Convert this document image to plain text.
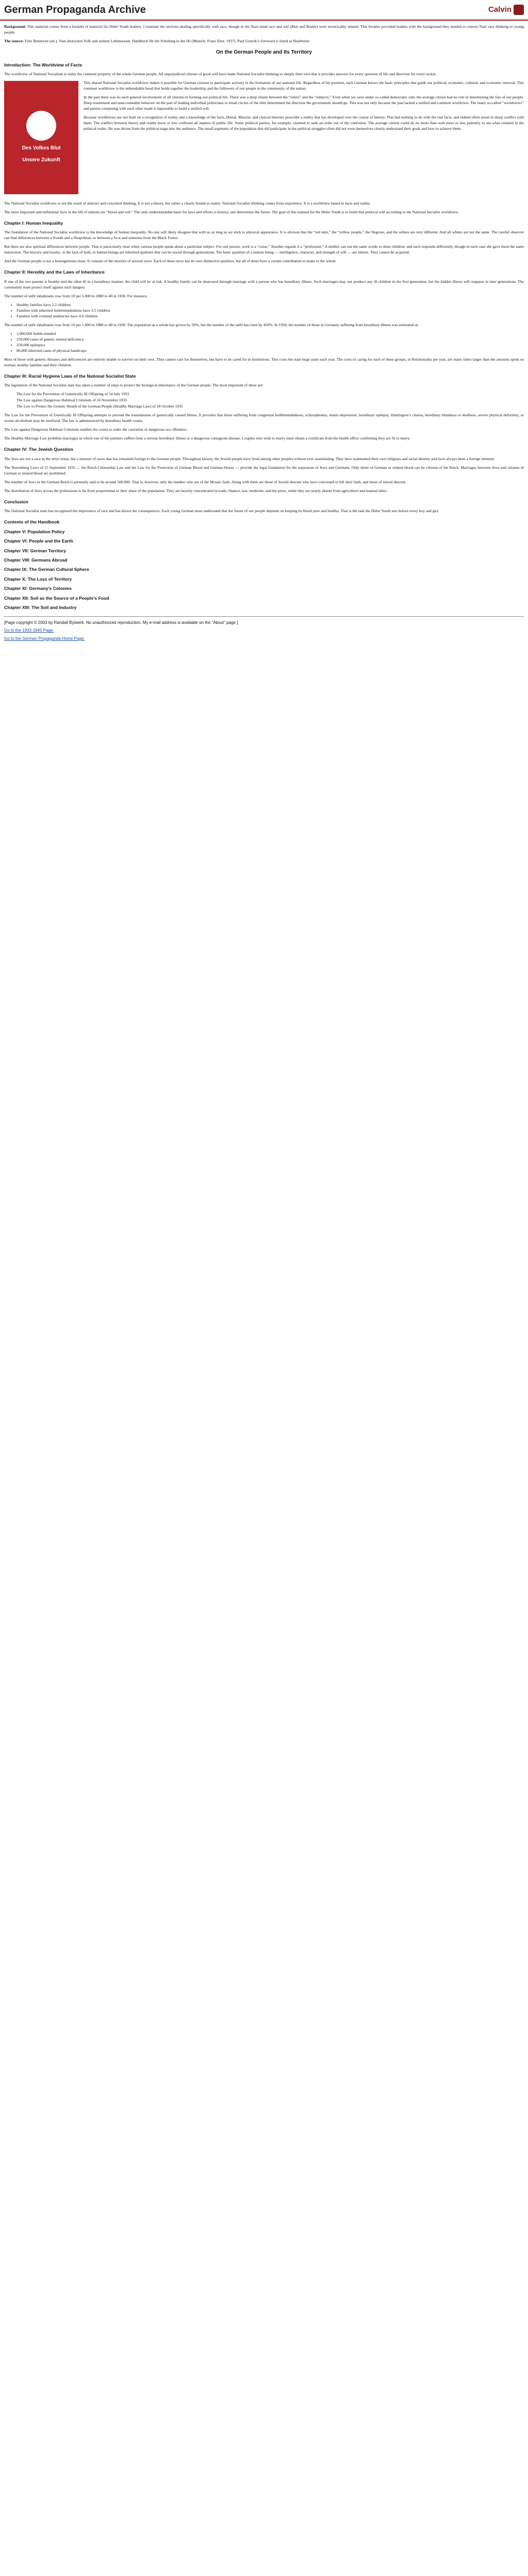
German Propaganda Archive	Calvin

Background: This material comes from a booklet of material for Hitler Youth leaders. I translate the sections dealing specifically with race, though in the Nazi mind race and soil (Blut und Boden) were inextricably related. This booklet provided leaders with the background they needed to convey Nazi race thinking to young people.

The source: Fritz Bennecke (ed.), Vom deutschen Volk und seinem Lebensraum. Handbuch für die Schulung in der HJ (Munich: Franz Eher, 1937). Paul Gratzik’s foreword is listed as Bearbeiter.

On the German People and Its Territory
Introduction: The Worldview of Facts

The worldview of National Socialism is today the common property of the whole German people. All unprejudiced citizens of good will have made National Socialist thinking so deeply their own that it provides answers for every question of life and direction for every action.

Des Volkes Blut
Unsere Zukunft

This shared National Socialist worldview makes it possible for German citizens to participate actively in the formation of our national life. Regardless of his position, each German knows the basic principles that guide our political, economic, cultural, and economic renewal. This common worldview is the unbreakable bond that holds together the leadership and the followers of our people in the community of the nation.

In the past there was no such general involvement of all citizens in forming our political life. There was a deep chasm between the “rulers” and the “subjects.” Even when we were under so-called democratic rule, the average citizen had no role in determining the fate of our people. Deep resentment and unaccountable behavior on the part of leading individual politicians or small circles of the elite determined the direction the government should go. This was not only because the past lacked a unified and common worldview. The many so-called “worldviews” and parties competing with each other made it impossible to build a unified will.

Because worldviews are not built on a recognition of reality and a knowledge of the facts, liberal, Marxist, and clerical theories prescribe a reality that has developed over the course of history. This had nothing to do with the real facts, and indeed often stood in sharp conflict with them. The conflict between theory and reality more or less confused all matters of public life. Some political parties, for example, claimed to seek an order out of the confusion. The average citizen could do no more than wait more or less patiently to see what resulted in the political realm. He was driven from the political stage into the audience. The small segments of the population that did participate in the political struggles often did not even themselves clearly understand their goals and how to achieve them.

The National Socialist worldview is not the result of abstract and conceited thinking. It is not a theory, but rather a clearly bound to reality. National Socialist thinking comes from experience. It is a worldview based in facts and reality.

The most important and influential facts in the life of nations are “blood and soil.” The only understandable basis for laws and efforts is history, one determines the future. The goal of this manual for the Hitler Youth is to build that political will according to the National Socialist worldview.

Chapter I: Human Inequality

The foundation of the National Socialist worldview is the knowledge of human inequality. No one will likely disagree that with us as long as we stick to physical appearance. It is obvious that the “red skin,” the “yellow people,” the Negroes, and the whites are very different. And all whites are not the same. The careful observer can find differences between a Swede and a Neapolitan, or between a Scot and someone from the Black Forest.

But there are also spiritual differences between people. That is particularly clear when various people speak about a particular subject. For one person, work is a “curse.” Another regards it a “profession.” A mother can use the same words to three children, and each responds differently, though in each case she gave them the same instruction. The bravery and loyalty, or the lack of both, in human beings are inherited qualities that can be traced through generations. The basic qualities of a human being — intelligence, character, and strength of will — are inborn. They cannot be acquired.

And the German people is not a homogeneous mass. It consists of the mixture of several races. Each of these races has its own distinctive qualities, but all of them have a certain contribution to make to the whole.

Chapter II: Heredity and the Laws of Inheritance

If one of the two parents is healthy and the other ill in a hereditary manner, the child will be at risk. A healthy family can be destroyed through marriage with a person who has hereditary illness. Such marriages may not produce any ill children in the first generation, but the hidden illness will reappear in later generations. The community must protect itself against such dangers.

The number of unfit inhabitants rose from 10 per 1,000 in 1880 to 40 in 1930. For instance:

• Healthy families have 2.2 children
• Families with inherited feeblemindedness have 3.5 children
• Families with criminal tendencies have 4.9 children

The number of unfit inhabitants rose from 10 per 1,000 in 1880 to 40 in 1930. The population as a whole has grown by 50%, but the number of the unfit has risen by 450%. In 1930, the number of those in Germany suffering from hereditary illness was estimated at:

• 1,000,000 feeble-minded
• 250,000 cases of genetic mental deficiency
• 250,000 epileptics
• 80,000 inherited cases of physical handicaps

Most of those with genetic diseases and deficiencies are entirely unable to survive on their own. They cannot care for themselves, but have to be cared for in institutions. This costs the state huge sums each year. The costs of caring for each of these groups, in Reichsmarks per year, are many times larger than the amounts spent on normal, healthy families and their children.

Chapter III: Racial Hygiene Laws of the National Socialist State

The legislation of the National Socialist state has taken a number of steps to protect the biological inheritance of the German people. The most important of these are:

The Law for the Prevention of Genetically Ill Offspring of 14 July 1933
The Law against Dangerous Habitual Criminals of 24 November 1933
The Law to Protect the Genetic Health of the German People (Healthy Marriage Law) of 18 October 1935

The Law for the Prevention of Genetically Ill Offspring attempts to prevent the transmission of genetically caused illness. It provides that those suffering from congenital feeblemindedness, schizophrenia, manic-depression, hereditary epilepsy, Huntington’s chorea, hereditary blindness or deafness, severe physical deformity, or severe alcoholism may be sterilized. The law is administered by hereditary health courts.

The Law against Dangerous Habitual Criminals enables the courts to order the castration of dangerous sex offenders.

The Healthy Marriage Law prohibits marriages in which one of the partners suffers from a serious hereditary illness or a dangerous contagious disease. Couples who wish to marry must obtain a certificate from the health office confirming they are fit to marry.

Chapter IV: The Jewish Question

The Jews are not a race in the strict sense, but a mixture of races that has remained foreign to the German people. Throughout history, the Jewish people have lived among other peoples without ever assimilating. They have maintained their own religious and racial identity and have always been a foreign element.

The Nuremberg Laws of 15 September 1935 — the Reich Citizenship Law and the Law for the Protection of German Blood and German Honor — provide the legal foundation for the separation of Jews and Germans. Only those of German or related blood can be citizens of the Reich. Marriages between Jews and citizens of German or related blood are prohibited.

The number of Jews in the German Reich is presently said to be around 500,000. That is, however, only the number who are of the Mosaic faith. Along with them are those of Jewish descent who have converted or left their faith, and those of mixed descent.

The distribution of Jews across the professions is far from proportional to their share of the population. They are heavily concentrated in trade, finance, law, medicine, and the press, while they are nearly absent from agriculture and manual labor.

Conclusion

The National Socialist state has recognized the importance of race and has drawn the consequences. Each young German must understand that the future of our people depends on keeping its blood pure and healthy. That is the task the Hitler Youth sets before every boy and girl.

Contents of the Handbook
Chapter V: Population Policy
Chapter VI: People and the Earth
Chapter VII: German Territory
Chapter VIII: Germans Abroad
Chapter IX: The German Cultural Sphere
Chapter X: The Loss of Territory
Chapter XI: Germany’s Colonies
Chapter XII: Soil as the Source of a People’s Food
Chapter XIII: The Soil and Industry
[Page copyright © 2003 by Randall Bytwerk. No unauthorized reproduction. My e-mail address is available on the “About” page.]
Go to the 1933-1945 Page.
Go to the German Propaganda Home Page.
